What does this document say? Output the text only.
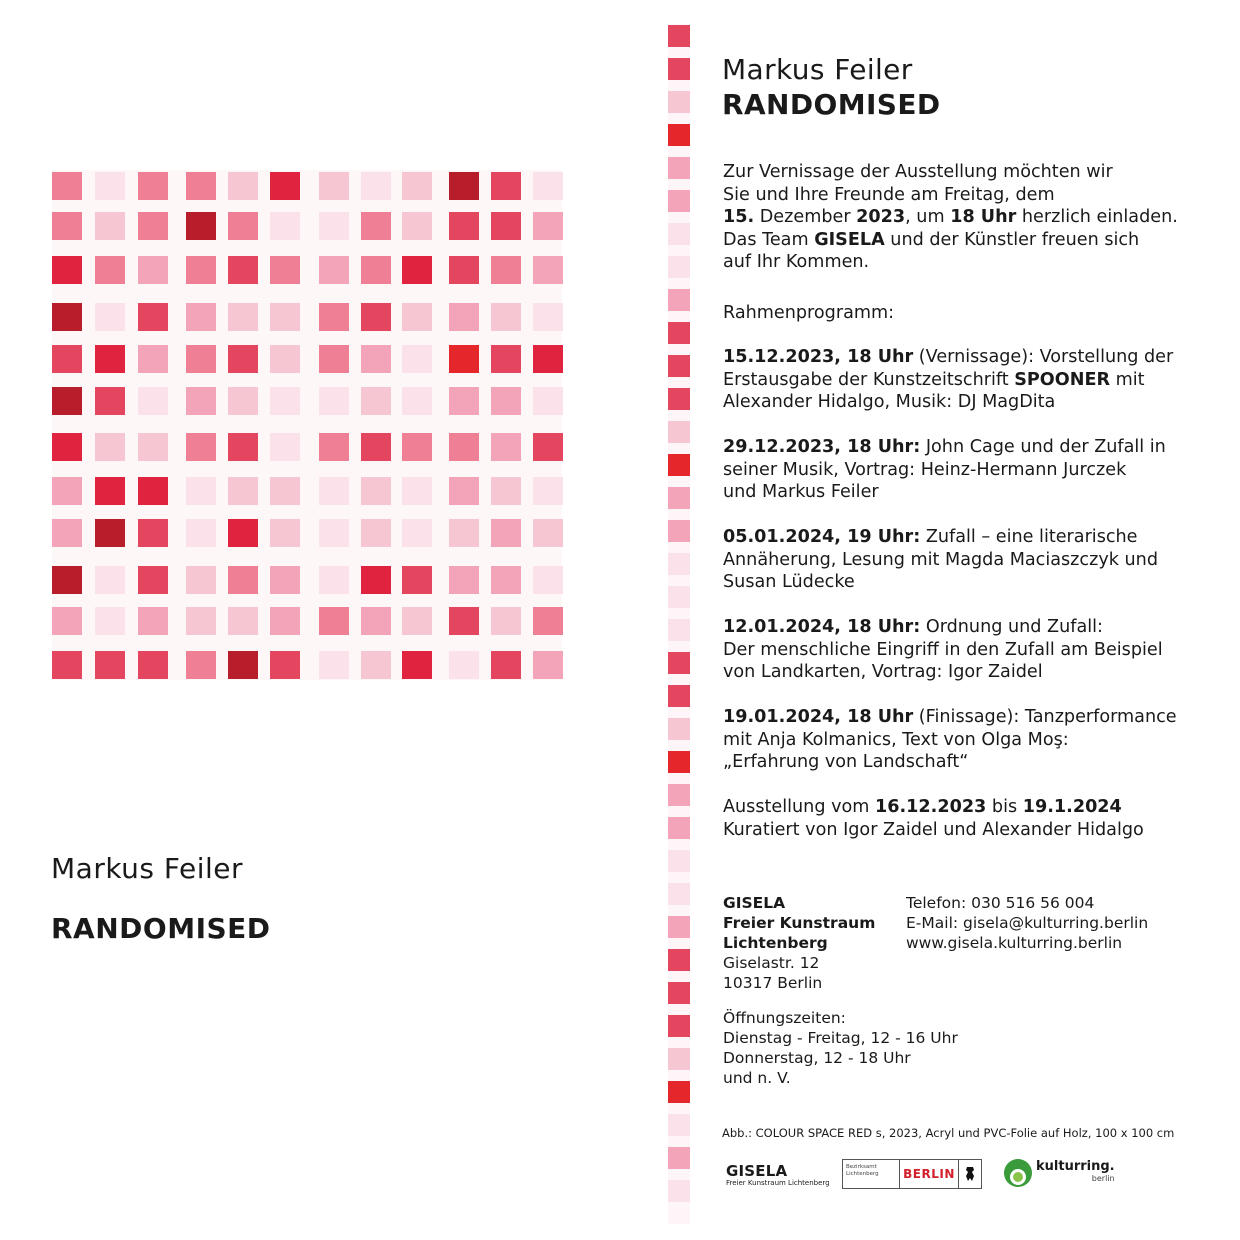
Markus Feiler
RANDOMISED
Markus Feiler
RANDOMISED
Zur Vernissage der Ausstellung möchten wir
Sie und Ihre Freunde am Freitag, dem
15. Dezember 2023, um 18 Uhr herzlich einladen.
Das Team GISELA und der Künstler freuen sich
auf Ihr Kommen.
Rahmenprogramm:
15.12.2023, 18 Uhr (Vernissage): Vorstellung der
Erstausgabe der Kunstzeitschrift SPOONER mit
Alexander Hidalgo, Musik: DJ MagDita
29.12.2023, 18 Uhr: John Cage und der Zufall in
seiner Musik, Vortrag: Heinz-Hermann Jurczek
und Markus Feiler
05.01.2024, 19 Uhr: Zufall – eine literarische
Annäherung, Lesung mit Magda Maciaszczyk und
Susan Lüdecke
12.01.2024, 18 Uhr: Ordnung und Zufall:
Der menschliche Eingriff in den Zufall am Beispiel
von Landkarten, Vortrag: Igor Zaidel
19.01.2024, 18 Uhr (Finissage): Tanzperformance
mit Anja Kolmanics, Text von Olga Moş:
„Erfahrung von Landschaft“
Ausstellung vom 16.12.2023 bis 19.1.2024
Kuratiert von Igor Zaidel und Alexander Hidalgo
GISELA
Freier Kunstraum
Lichtenberg
Giselastr. 12
10317 Berlin
Telefon: 030 516 56 004
E-Mail: gisela@kulturring.berlin
www.gisela.kulturring.berlin
Öffnungszeiten:
Dienstag - Freitag, 12 - 16 Uhr
Donnerstag, 12 - 18 Uhr
und n. V.
Abb.: COLOUR SPACE RED s, 2023, Acryl und PVC-Folie auf Holz, 100 x 100 cm
GISELA
Freier Kunstraum Lichtenberg
Bezirksamt Lichtenberg	BERLIN	kulturring.
berlin
